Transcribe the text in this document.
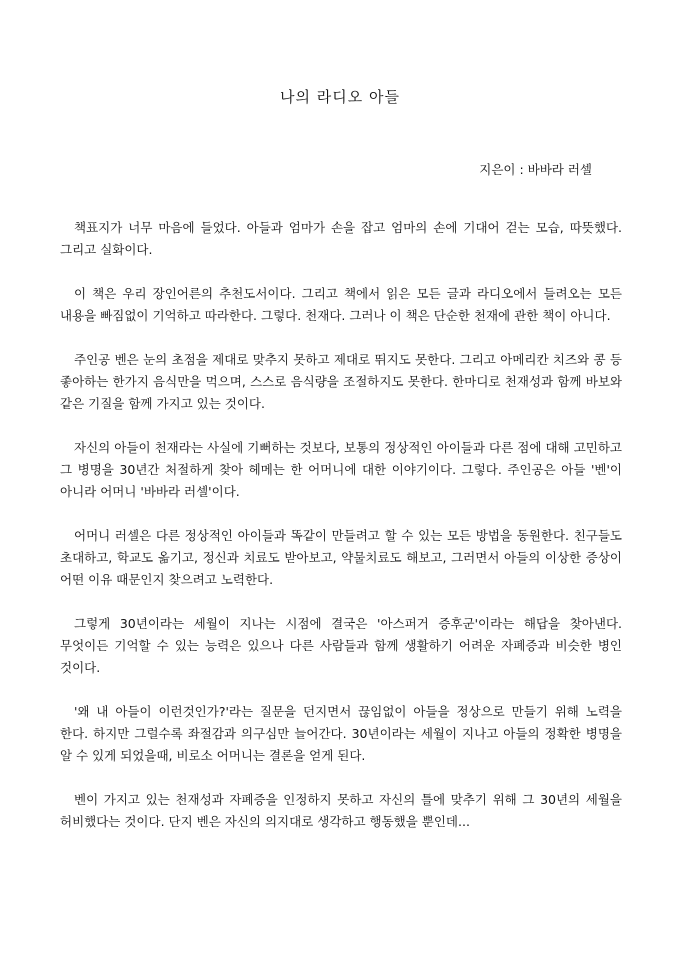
나의 라디오 아들

지은이 : 바바라 러셀

책표지가 너무 마음에 들었다. 아들과 엄마가 손을 잡고 엄마의 손에 기대어 걷는 모습, 따뜻했다. 그리고 실화이다.

이 책은 우리 장인어른의 추천도서이다. 그리고 책에서 읽은 모든 글과 라디오에서 들려오는 모든 내용을 빠짐없이 기억하고 따라한다. 그렇다. 천재다. 그러나 이 책은 단순한 천재에 관한 책이 아니다.

주인공 벤은 눈의 초점을 제대로 맞추지 못하고 제대로 뛰지도 못한다. 그리고 아메리칸 치즈와 콩 등 좋아하는 한가지 음식만을 먹으며, 스스로 음식량을 조절하지도 못한다. 한마디로 천재성과 함께 바보와 같은 기질을 함께 가지고 있는 것이다.

자신의 아들이 천재라는 사실에 기뻐하는 것보다, 보통의 정상적인 아이들과 다른 점에 대해 고민하고 그 병명을 30년간 처절하게 찾아 헤메는 한 어머니에 대한 이야기이다. 그렇다. 주인공은 아들 '벤'이 아니라 어머니 '바바라 러셀'이다.

어머니 러셀은 다른 정상적인 아이들과 똑같이 만들려고 할 수 있는 모든 방법을 동원한다. 친구들도 초대하고, 학교도 옮기고, 정신과 치료도 받아보고, 약물치료도 해보고, 그러면서 아들의 이상한 증상이 어떤 이유 때문인지 찾으려고 노력한다.

그렇게 30년이라는 세월이 지나는 시점에 결국은 '아스퍼거 증후군'이라는 해답을 찾아낸다. 무엇이든 기억할 수 있는 능력은 있으나 다른 사람들과 함께 생활하기 어려운 자폐증과 비슷한 병인 것이다.

'왜 내 아들이 이런것인가?'라는 질문을 던지면서 끊임없이 아들을 정상으로 만들기 위해 노력을 한다. 하지만 그럴수록 좌절감과 의구심만 늘어간다. 30년이라는 세월이 지나고 아들의 정확한 병명을 알 수 있게 되었을때, 비로소 어머니는 결론을 얻게 된다.

벤이 가지고 있는 천재성과 자폐증을 인정하지 못하고 자신의 틀에 맞추기 위해 그 30년의 세월을 허비했다는 것이다. 단지 벤은 자신의 의지대로 생각하고 행동했을 뿐인데...
